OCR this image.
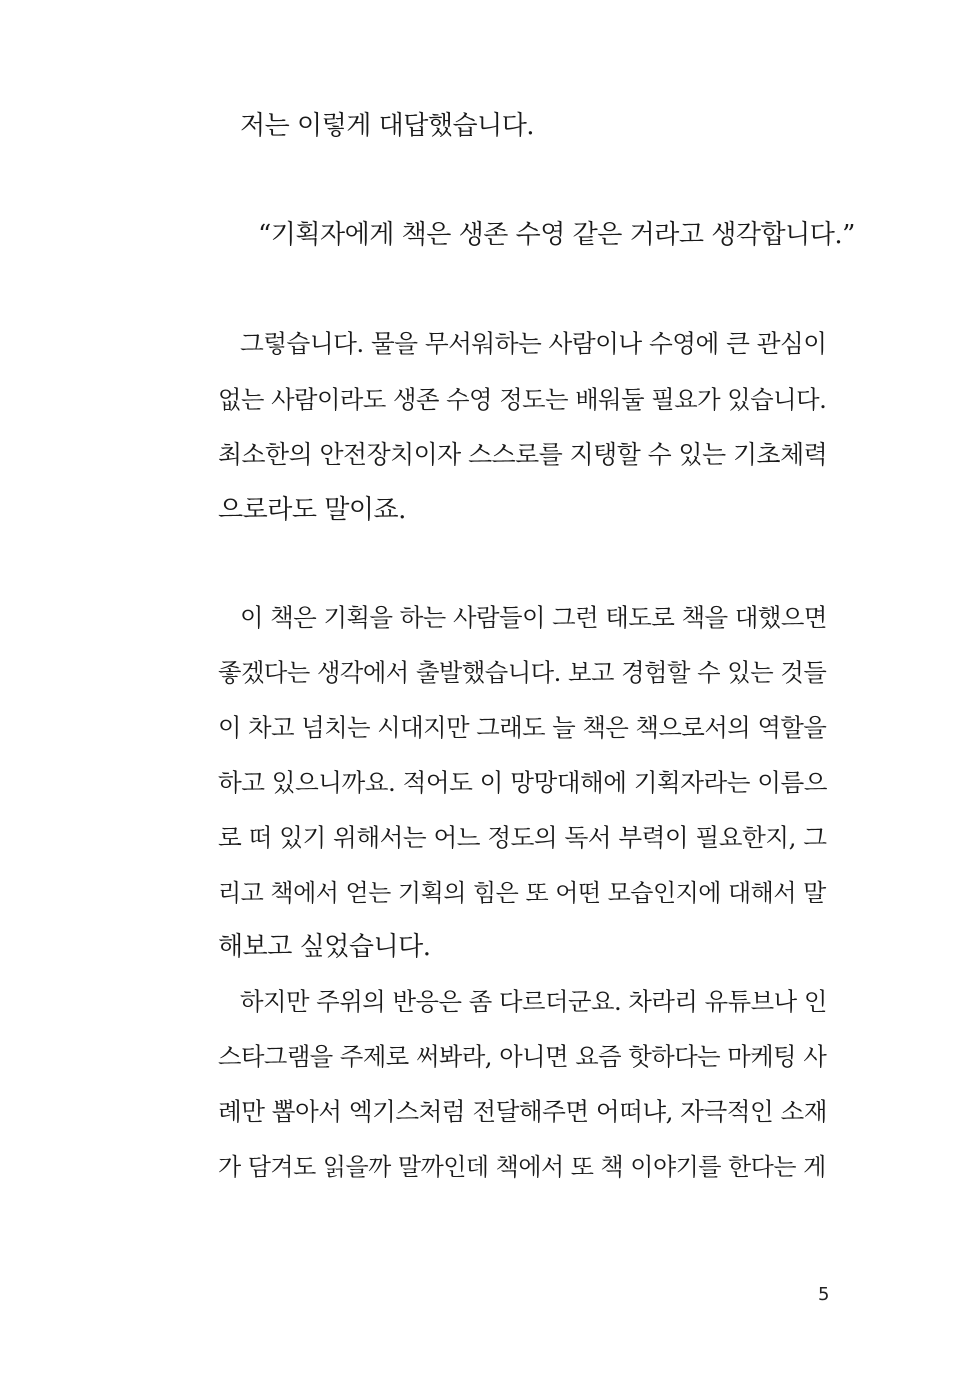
저는 이렇게 대답했습니다.
“기획자에게 책은 생존 수영 같은 거라고 생각합니다.”
그렇습니다. 물을 무서워하는 사람이나 수영에 큰 관심이
없는 사람이라도 생존 수영 정도는 배워둘 필요가 있습니다.
최소한의 안전장치이자 스스로를 지탱할 수 있는 기초체력
으로라도 말이죠.
이 책은 기획을 하는 사람들이 그런 태도로 책을 대했으면
좋겠다는 생각에서 출발했습니다. 보고 경험할 수 있는 것들
이 차고 넘치는 시대지만 그래도 늘 책은 책으로서의 역할을
하고 있으니까요. 적어도 이 망망대해에 기획자라는 이름으
로 떠 있기 위해서는 어느 정도의 독서 부력이 필요한지, 그
리고 책에서 얻는 기획의 힘은 또 어떤 모습인지에 대해서 말
해보고 싶었습니다.
하지만 주위의 반응은 좀 다르더군요. 차라리 유튜브나 인
스타그램을 주제로 써봐라, 아니면 요즘 핫하다는 마케팅 사
례만 뽑아서 엑기스처럼 전달해주면 어떠냐, 자극적인 소재
가 담겨도 읽을까 말까인데 책에서 또 책 이야기를 한다는 게
5
